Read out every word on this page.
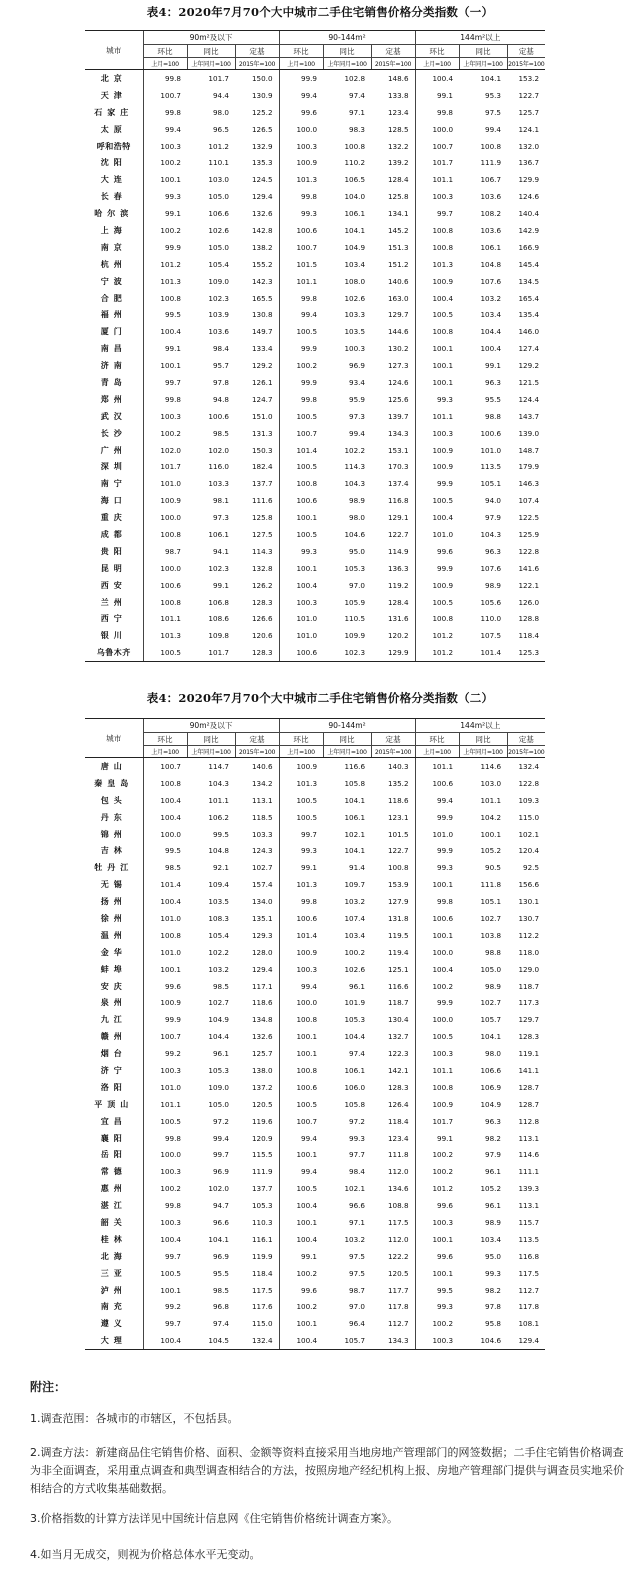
表4：2020年7月70个大中城市二手住宅销售价格分类指数（一）
城市	90m²及以下			90-144m²			144m²以上		
	环比	同比	定基	环比	同比	定基	环比	同比	定基
	上月=100	上年同月=100	2015年=100	上月=100	上年同月=100	2015年=100	上月=100	上年同月=100	2015年=100
北京	99.8	101.7	150.0	99.9	102.8	148.6	100.4	104.1	153.2
天津	100.7	94.4	130.9	99.4	97.4	133.8	99.1	95.3	122.7
石家庄	99.8	98.0	125.2	99.6	97.1	123.4	99.8	97.5	125.7
太原	99.4	96.5	126.5	100.0	98.3	128.5	100.0	99.4	124.1
呼和浩特	100.3	101.2	132.9	100.3	100.8	132.2	100.7	100.8	132.0
沈阳	100.2	110.1	135.3	100.9	110.2	139.2	101.7	111.9	136.7
大连	100.1	103.0	124.5	101.3	106.5	128.4	101.1	106.7	129.9
长春	99.3	105.0	129.4	99.8	104.0	125.8	100.3	103.6	124.6
哈尔滨	99.1	106.6	132.6	99.3	106.1	134.1	99.7	108.2	140.4
上海	100.2	102.6	142.8	100.6	104.1	145.2	100.8	103.6	142.9
南京	99.9	105.0	138.2	100.7	104.9	151.3	100.8	106.1	166.9
杭州	101.2	105.4	155.2	101.5	103.4	151.2	101.3	104.8	145.4
宁波	101.3	109.0	142.3	101.1	108.0	140.6	100.9	107.6	134.5
合肥	100.8	102.3	165.5	99.8	102.6	163.0	100.4	103.2	165.4
福州	99.5	103.9	130.8	99.4	103.3	129.7	100.5	103.4	135.4
厦门	100.4	103.6	149.7	100.5	103.5	144.6	100.8	104.4	146.0
南昌	99.1	98.4	133.4	99.9	100.3	130.2	100.1	100.4	127.4
济南	100.1	95.7	129.2	100.2	96.9	127.3	100.1	99.1	129.2
青岛	99.7	97.8	126.1	99.9	93.4	124.6	100.1	96.3	121.5
郑州	99.8	94.8	124.7	99.8	95.9	125.6	99.3	95.5	124.4
武汉	100.3	100.6	151.0	100.5	97.3	139.7	101.1	98.8	143.7
长沙	100.2	98.5	131.3	100.7	99.4	134.3	100.3	100.6	139.0
广州	102.0	102.0	150.3	101.4	102.2	153.1	100.9	101.0	148.7
深圳	101.7	116.0	182.4	100.5	114.3	170.3	100.9	113.5	179.9
南宁	101.0	103.3	137.7	100.8	104.3	137.4	99.9	105.1	146.3
海口	100.9	98.1	111.6	100.6	98.9	116.8	100.5	94.0	107.4
重庆	100.0	97.3	125.8	100.1	98.0	129.1	100.4	97.9	122.5
成都	100.8	106.1	127.5	100.5	104.6	122.7	101.0	104.3	125.9
贵阳	98.7	94.1	114.3	99.3	95.0	114.9	99.6	96.3	122.8
昆明	100.0	102.3	132.8	100.1	105.3	136.3	99.9	107.6	141.6
西安	100.6	99.1	126.2	100.4	97.0	119.2	100.9	98.9	122.1
兰州	100.8	106.8	128.3	100.3	105.9	128.4	100.5	105.6	126.0
西宁	101.1	108.6	126.6	101.0	110.5	131.6	100.8	110.0	128.8
银川	101.3	109.8	120.6	101.0	109.9	120.2	101.2	107.5	118.4
乌鲁木齐	100.5	101.7	128.3	100.6	102.3	129.9	101.2	101.4	125.3
表4：2020年7月70个大中城市二手住宅销售价格分类指数（二）
城市	90m²及以下			90-144m²			144m²以上		
	环比	同比	定基	环比	同比	定基	环比	同比	定基
	上月=100	上年同月=100	2015年=100	上月=100	上年同月=100	2015年=100	上月=100	上年同月=100	2015年=100
唐山	100.7	114.7	140.6	100.9	116.6	140.3	101.1	114.6	132.4
秦皇岛	100.8	104.3	134.2	101.3	105.8	135.2	100.6	103.0	122.8
包头	100.4	101.1	113.1	100.5	104.1	118.6	99.4	101.1	109.3
丹东	100.4	106.2	118.5	100.5	106.1	123.1	99.9	104.2	115.0
锦州	100.0	99.5	103.3	99.7	102.1	101.5	101.0	100.1	102.1
吉林	99.5	104.8	124.3	99.3	104.1	122.7	99.9	105.2	120.4
牡丹江	98.5	92.1	102.7	99.1	91.4	100.8	99.3	90.5	92.5
无锡	101.4	109.4	157.4	101.3	109.7	153.9	100.1	111.8	156.6
扬州	100.4	103.5	134.0	99.8	103.2	127.9	99.8	105.1	130.1
徐州	101.0	108.3	135.1	100.6	107.4	131.8	100.6	102.7	130.7
温州	100.8	105.4	129.3	101.4	103.4	119.5	100.1	103.8	112.2
金华	101.0	102.2	128.0	100.9	100.2	119.4	100.0	98.8	118.0
蚌埠	100.1	103.2	129.4	100.3	102.6	125.1	100.4	105.0	129.0
安庆	99.6	98.5	117.1	99.4	96.1	116.6	100.2	98.9	118.7
泉州	100.9	102.7	118.6	100.0	101.9	118.7	99.9	102.7	117.3
九江	99.9	104.9	134.8	100.8	105.3	130.4	100.0	105.7	129.7
赣州	100.7	104.4	132.6	100.1	104.4	132.7	100.5	104.1	128.3
烟台	99.2	96.1	125.7	100.1	97.4	122.3	100.3	98.0	119.1
济宁	100.3	105.3	138.0	100.8	106.1	142.1	101.1	106.6	141.1
洛阳	101.0	109.0	137.2	100.6	106.0	128.3	100.8	106.9	128.7
平顶山	101.1	105.0	120.5	100.5	105.8	126.4	100.9	104.9	128.7
宜昌	100.5	97.2	119.6	100.7	97.2	118.4	101.7	96.3	112.8
襄阳	99.8	99.4	120.9	99.4	99.3	123.4	99.1	98.2	113.1
岳阳	100.0	99.7	115.5	100.1	97.7	111.8	100.2	97.9	114.6
常德	100.3	96.9	111.9	99.4	98.4	112.0	100.2	96.1	111.1
惠州	100.2	102.0	137.7	100.5	102.1	134.6	101.2	105.2	139.3
湛江	99.8	94.7	105.3	100.4	96.6	108.8	99.6	96.1	113.1
韶关	100.3	96.6	110.3	100.1	97.1	117.5	100.3	98.9	115.7
桂林	100.4	104.1	116.1	100.4	103.2	112.0	100.1	103.4	113.5
北海	99.7	96.9	119.9	99.1	97.5	122.2	99.6	95.0	116.8
三亚	100.5	95.5	118.4	100.2	97.5	120.5	100.1	99.3	117.5
泸州	100.1	98.5	117.5	99.6	98.7	117.7	99.5	98.2	112.7
南充	99.2	96.8	117.6	100.2	97.0	117.8	99.3	97.8	117.8
遵义	99.7	97.4	115.0	100.1	96.4	112.7	100.2	95.8	108.1
大理	100.4	104.5	132.4	100.4	105.7	134.3	100.3	104.6	129.4
附注：
1.调查范围：各城市的市辖区，不包括县。
2.调查方法：新建商品住宅销售价格、面积、金额等资料直接采用当地房地产管理部门的网签数据；二手住宅销售价格调查为非全面调查，采用重点调查和典型调查相结合的方法，按照房地产经纪机构上报、房地产管理部门提供与调查员实地采价相结合的方式收集基础数据。
3.价格指数的计算方法详见中国统计信息网《住宅销售价格统计调查方案》。
4.如当月无成交，则视为价格总体水平无变动。
